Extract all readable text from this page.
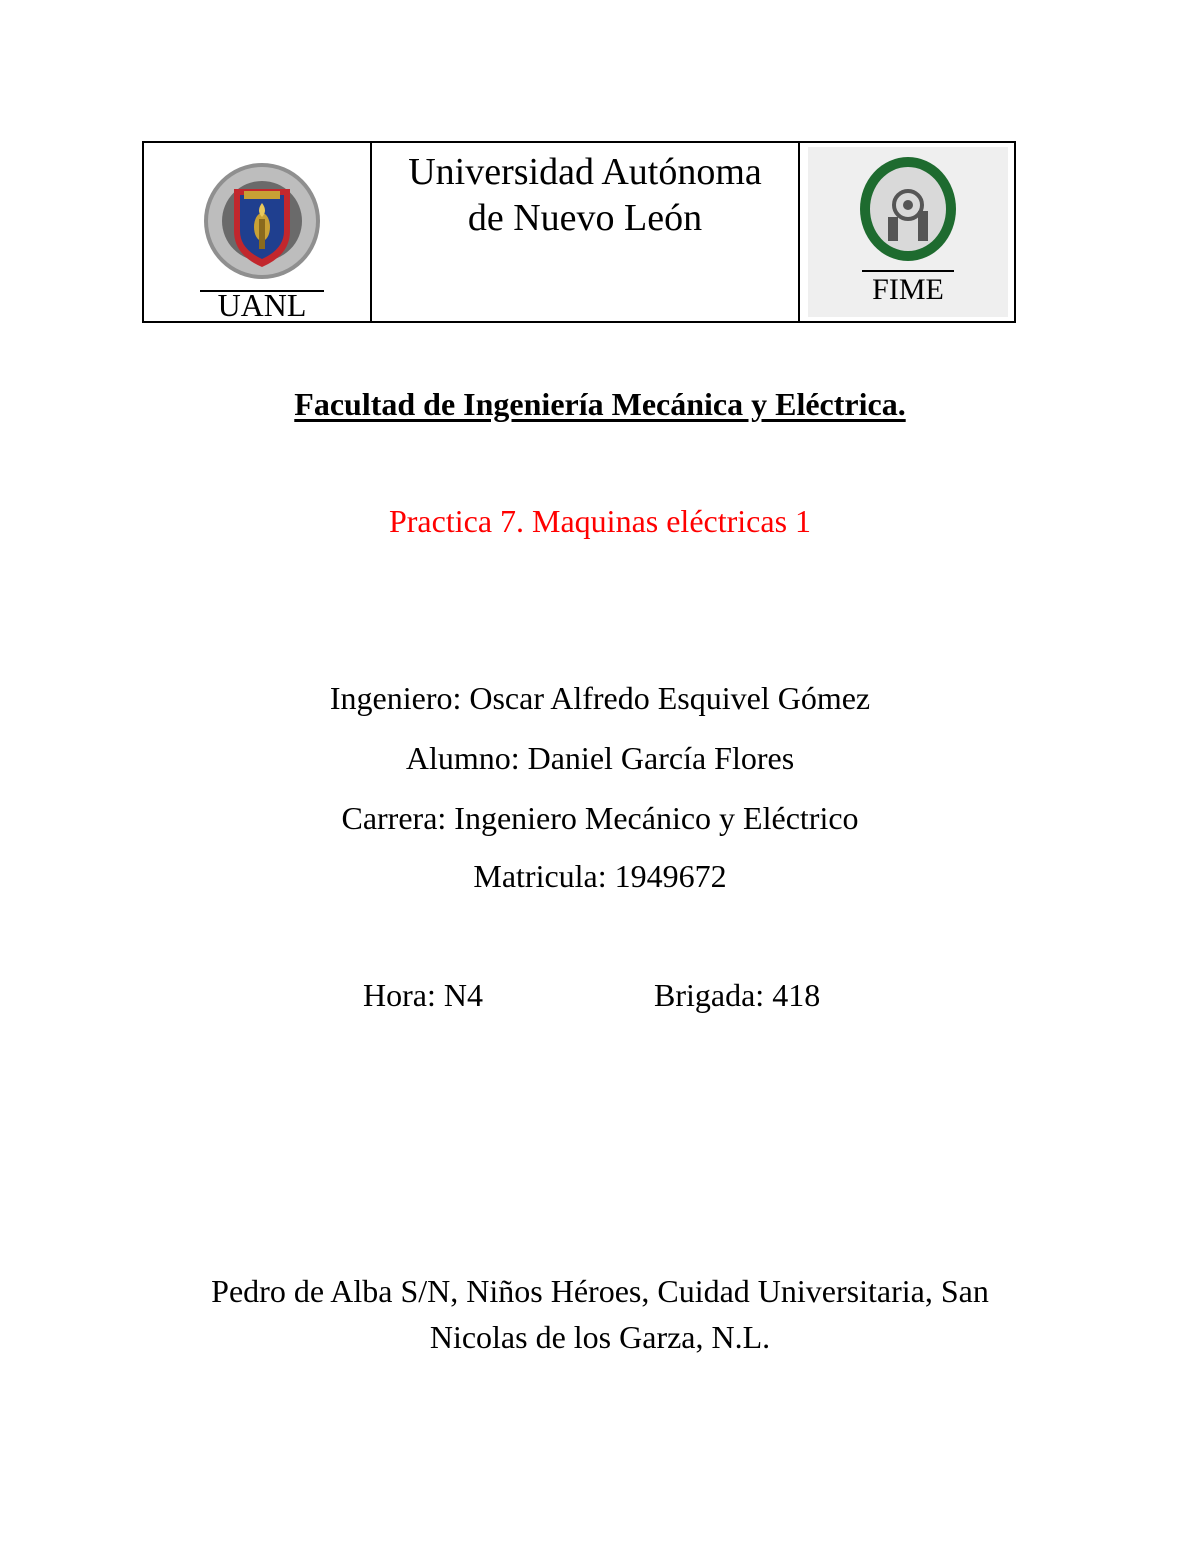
UANL
Universidad Autónoma
de Nuevo León
FIME
Facultad de Ingeniería Mecánica y Eléctrica.
Practica 7. Maquinas eléctricas 1
Ingeniero: Oscar Alfredo Esquivel Gómez
Alumno: Daniel García Flores
Carrera: Ingeniero Mecánico y Eléctrico
Matricula: 1949672
Hora: N4	Brigada: 418
Pedro de Alba S/N, Niños Héroes, Cuidad Universitaria, San
Nicolas de los Garza, N.L.
